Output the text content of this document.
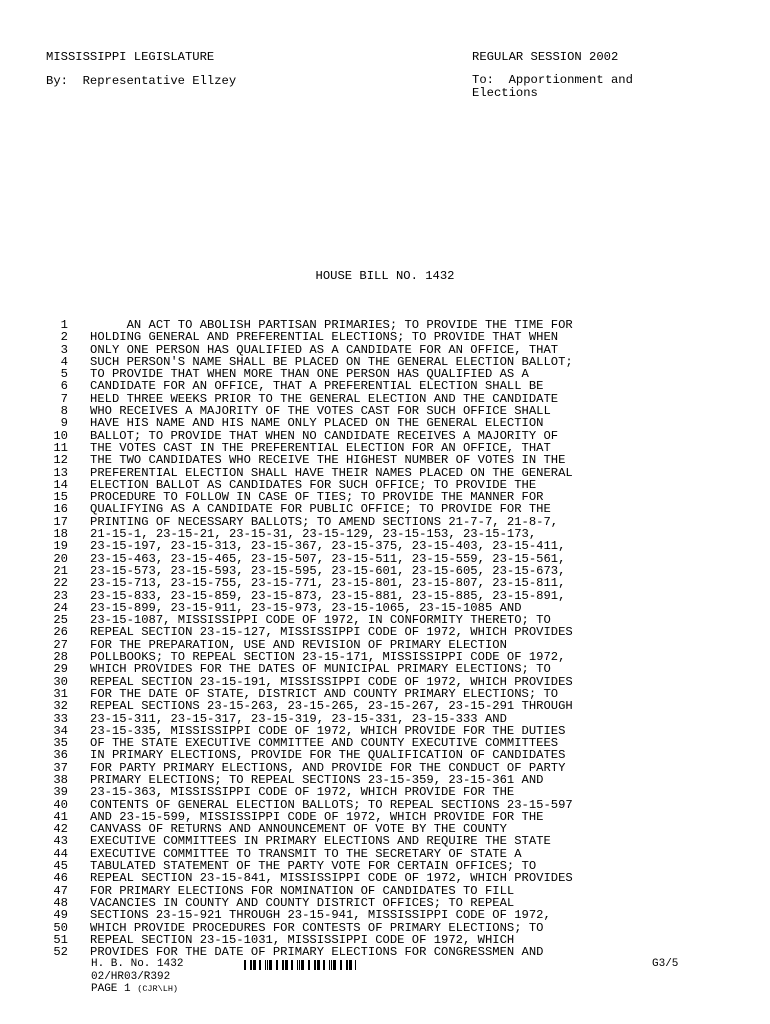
MISSISSIPPI LEGISLATURE	REGULAR SESSION 2002
By: Representative Ellzey	To: Apportionment and Elections
HOUSE BILL NO. 1432
1	AN ACT TO ABOLISH PARTISAN PRIMARIES; TO PROVIDE THE TIME FOR
2	HOLDING GENERAL AND PREFERENTIAL ELECTIONS; TO PROVIDE THAT WHEN
3	ONLY ONE PERSON HAS QUALIFIED AS A CANDIDATE FOR AN OFFICE, THAT
4	SUCH PERSON'S NAME SHALL BE PLACED ON THE GENERAL ELECTION BALLOT;
5	TO PROVIDE THAT WHEN MORE THAN ONE PERSON HAS QUALIFIED AS A
6	CANDIDATE FOR AN OFFICE, THAT A PREFERENTIAL ELECTION SHALL BE
7	HELD THREE WEEKS PRIOR TO THE GENERAL ELECTION AND THE CANDIDATE
8	WHO RECEIVES A MAJORITY OF THE VOTES CAST FOR SUCH OFFICE SHALL
9	HAVE HIS NAME AND HIS NAME ONLY PLACED ON THE GENERAL ELECTION
10	BALLOT; TO PROVIDE THAT WHEN NO CANDIDATE RECEIVES A MAJORITY OF
11	THE VOTES CAST IN THE PREFERENTIAL ELECTION FOR AN OFFICE, THAT
12	THE TWO CANDIDATES WHO RECEIVE THE HIGHEST NUMBER OF VOTES IN THE
13	PREFERENTIAL ELECTION SHALL HAVE THEIR NAMES PLACED ON THE GENERAL
14	ELECTION BALLOT AS CANDIDATES FOR SUCH OFFICE; TO PROVIDE THE
15	PROCEDURE TO FOLLOW IN CASE OF TIES; TO PROVIDE THE MANNER FOR
16	QUALIFYING AS A CANDIDATE FOR PUBLIC OFFICE; TO PROVIDE FOR THE
17	PRINTING OF NECESSARY BALLOTS; TO AMEND SECTIONS 21-7-7, 21-8-7,
18	21-15-1, 23-15-21, 23-15-31, 23-15-129, 23-15-153, 23-15-173,
19	23-15-197, 23-15-313, 23-15-367, 23-15-375, 23-15-403, 23-15-411,
20	23-15-463, 23-15-465, 23-15-507, 23-15-511, 23-15-559, 23-15-561,
21	23-15-573, 23-15-593, 23-15-595, 23-15-601, 23-15-605, 23-15-673,
22	23-15-713, 23-15-755, 23-15-771, 23-15-801, 23-15-807, 23-15-811,
23	23-15-833, 23-15-859, 23-15-873, 23-15-881, 23-15-885, 23-15-891,
24	23-15-899, 23-15-911, 23-15-973, 23-15-1065, 23-15-1085 AND
25	23-15-1087, MISSISSIPPI CODE OF 1972, IN CONFORMITY THERETO; TO
26	REPEAL SECTION 23-15-127, MISSISSIPPI CODE OF 1972, WHICH PROVIDES
27	FOR THE PREPARATION, USE AND REVISION OF PRIMARY ELECTION
28	POLLBOOKS; TO REPEAL SECTION 23-15-171, MISSISSIPPI CODE OF 1972,
29	WHICH PROVIDES FOR THE DATES OF MUNICIPAL PRIMARY ELECTIONS; TO
30	REPEAL SECTION 23-15-191, MISSISSIPPI CODE OF 1972, WHICH PROVIDES
31	FOR THE DATE OF STATE, DISTRICT AND COUNTY PRIMARY ELECTIONS; TO
32	REPEAL SECTIONS 23-15-263, 23-15-265, 23-15-267, 23-15-291 THROUGH
33	23-15-311, 23-15-317, 23-15-319, 23-15-331, 23-15-333 AND
34	23-15-335, MISSISSIPPI CODE OF 1972, WHICH PROVIDE FOR THE DUTIES
35	OF THE STATE EXECUTIVE COMMITTEE AND COUNTY EXECUTIVE COMMITTEES
36	IN PRIMARY ELECTIONS, PROVIDE FOR THE QUALIFICATION OF CANDIDATES
37	FOR PARTY PRIMARY ELECTIONS, AND PROVIDE FOR THE CONDUCT OF PARTY
38	PRIMARY ELECTIONS; TO REPEAL SECTIONS 23-15-359, 23-15-361 AND
39	23-15-363, MISSISSIPPI CODE OF 1972, WHICH PROVIDE FOR THE
40	CONTENTS OF GENERAL ELECTION BALLOTS; TO REPEAL SECTIONS 23-15-597
41	AND 23-15-599, MISSISSIPPI CODE OF 1972, WHICH PROVIDE FOR THE
42	CANVASS OF RETURNS AND ANNOUNCEMENT OF VOTE BY THE COUNTY
43	EXECUTIVE COMMITTEES IN PRIMARY ELECTIONS AND REQUIRE THE STATE
44	EXECUTIVE COMMITTEE TO TRANSMIT TO THE SECRETARY OF STATE A
45	TABULATED STATEMENT OF THE PARTY VOTE FOR CERTAIN OFFICES; TO
46	REPEAL SECTION 23-15-841, MISSISSIPPI CODE OF 1972, WHICH PROVIDES
47	FOR PRIMARY ELECTIONS FOR NOMINATION OF CANDIDATES TO FILL
48	VACANCIES IN COUNTY AND COUNTY DISTRICT OFFICES; TO REPEAL
49	SECTIONS 23-15-921 THROUGH 23-15-941, MISSISSIPPI CODE OF 1972,
50	WHICH PROVIDE PROCEDURES FOR CONTESTS OF PRIMARY ELECTIONS; TO
51	REPEAL SECTION 23-15-1031, MISSISSIPPI CODE OF 1972, WHICH
52	PROVIDES FOR THE DATE OF PRIMARY ELECTIONS FOR CONGRESSMEN AND
H. B. No. 1432
02/HR03/R392
PAGE 1 (CJR\LH)
G3/5
